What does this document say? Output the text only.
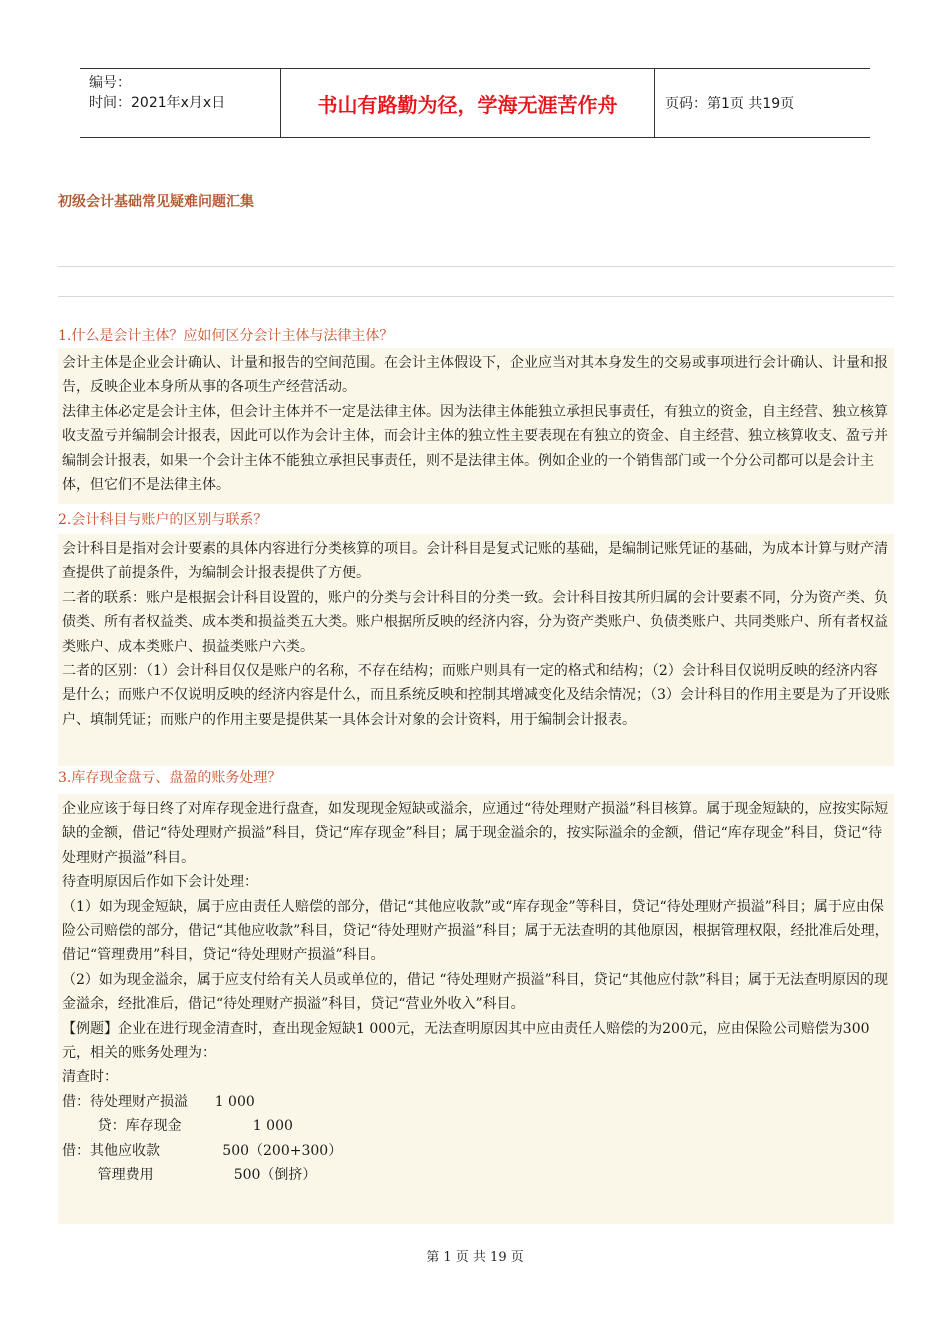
编号：
时间：2021年x月x日	书山有路勤为径，学海无涯苦作舟	页码：第1页 共19页
初级会计基础常见疑难问题汇集
1.什么是会计主体？应如何区分会计主体与法律主体？

会计主体是企业会计确认、计量和报告的空间范围。在会计主体假设下，企业应当对其本身发生的交易或事项进行会计确认、计量和报告，反映企业本身所从事的各项生产经营活动。

法律主体必定是会计主体，但会计主体并不一定是法律主体。因为法律主体能独立承担民事责任，有独立的资金，自主经营、独立核算收支盈亏并编制会计报表，因此可以作为会计主体，而会计主体的独立性主要表现在有独立的资金、自主经营、独立核算收支、盈亏并编制会计报表，如果一个会计主体不能独立承担民事责任，则不是法律主体。例如企业的一个销售部门或一个分公司都可以是会计主体，但它们不是法律主体。

2.会计科目与账户的区别与联系？

会计科目是指对会计要素的具体内容进行分类核算的项目。会计科目是复式记账的基础，是编制记账凭证的基础，为成本计算与财产清查提供了前提条件，为编制会计报表提供了方便。

二者的联系：账户是根据会计科目设置的，账户的分类与会计科目的分类一致。会计科目按其所归属的会计要素不同，分为资产类、负债类、所有者权益类、成本类和损益类五大类。账户根据所反映的经济内容，分为资产类账户、负债类账户、共同类账户、所有者权益类账户、成本类账户、损益类账户六类。

二者的区别：（1）会计科目仅仅是账户的名称，不存在结构；而账户则具有一定的格式和结构；（2）会计科目仅说明反映的经济内容是什么；而账户不仅说明反映的经济内容是什么，而且系统反映和控制其增减变化及结余情况；（3）会计科目的作用主要是为了开设账户、填制凭证；而账户的作用主要是提供某一具体会计对象的会计资料，用于编制会计报表。

3.库存现金盘亏、盘盈的账务处理？

企业应该于每日终了对库存现金进行盘查，如发现现金短缺或溢余，应通过“待处理财产损溢”科目核算。属于现金短缺的，应按实际短缺的金额，借记“待处理财产损溢”科目，贷记“库存现金”科目；属于现金溢余的，按实际溢余的金额，借记“库存现金”科目，贷记“待处理财产损溢”科目。

待查明原因后作如下会计处理：

（1）如为现金短缺，属于应由责任人赔偿的部分，借记“其他应收款”或“库存现金”等科目，贷记“待处理财产损溢”科目；属于应由保险公司赔偿的部分，借记“其他应收款”科目，贷记“待处理财产损溢”科目；属于无法查明的其他原因，根据管理权限，经批准后处理，借记“管理费用”科目，贷记“待处理财产损溢”科目。

（2）如为现金溢余，属于应支付给有关人员或单位的，借记 “待处理财产损溢”科目，贷记“其他应付款”科目；属于无法查明原因的现金溢余，经批准后，借记“待处理财产损溢”科目，贷记“营业外收入”科目。

【例题】企业在进行现金清查时，查出现金短缺1 000元，无法查明原因其中应由责任人赔偿的为200元，应由保险公司赔偿为300元，相关的账务处理为：

清查时：

借：待处理财产损溢      1 000

贷：库存现金                1 000

借：其他应收款              500（200+300）

管理费用                  500（倒挤）

第 1 页 共 19 页
